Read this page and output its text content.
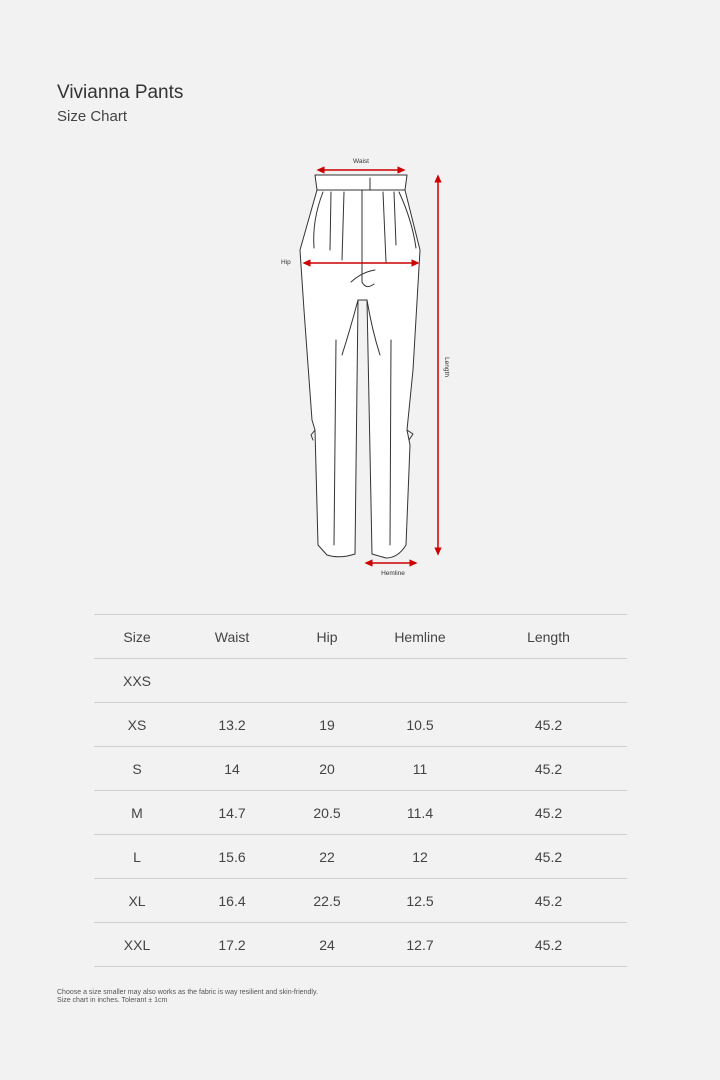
Vivianna Pants
Size Chart
Waist
Hip
Length
Hemline
Size	Waist	Hip	Hemline	Length
XXS				
XS	13.2	19	10.5	45.2
S	14	20	11	45.2
M	14.7	20.5	11.4	45.2
L	15.6	22	12	45.2
XL	16.4	22.5	12.5	45.2
XXL	17.2	24	12.7	45.2
Choose a size smaller may also works as the fabric is way resilient and skin-friendly.
Size chart in inches. Tolerant ± 1cm
